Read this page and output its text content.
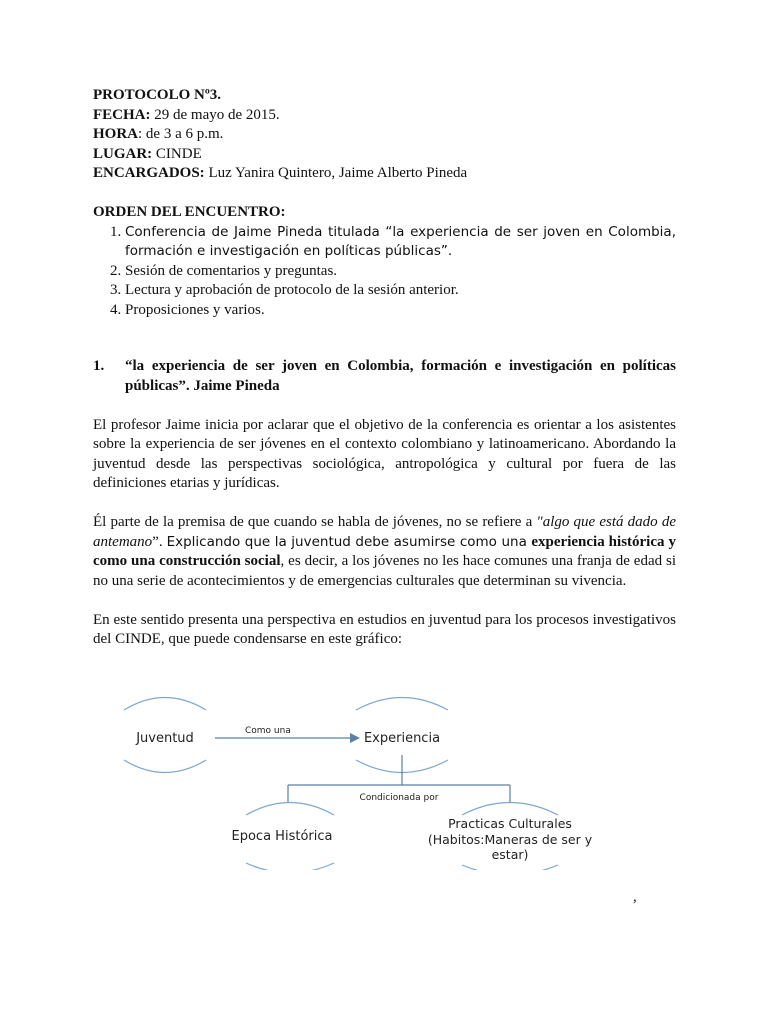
PROTOCOLO Nº3.

FECHA: 29 de mayo de 2015.

HORA: de 3 a 6 p.m.

LUGAR: CINDE

ENCARGADOS: Luz Yanira Quintero, Jaime Alberto Pineda

ORDEN DEL ENCUENTRO:

1. Conferencia de Jaime Pineda titulada “la experiencia de ser joven en Colombia, formación e investigación en políticas públicas”.
2. Sesión de comentarios y preguntas.
3. Lectura y aprobación de protocolo de la sesión anterior.
4. Proposiciones y varios.
1. “la experiencia de ser joven en Colombia, formación e investigación en políticas públicas”. Jaime Pineda

El profesor Jaime inicia por aclarar que el objetivo de la conferencia es orientar a los asistentes sobre la experiencia de ser jóvenes en el contexto colombiano y latinoamericano. Abordando la juventud desde las perspectivas sociológica, antropológica y cultural por fuera de las definiciones etarias y jurídicas.

Él parte de la premisa de que cuando se habla de jóvenes, no se refiere a "algo que está dado de antemano”. Explicando que la juventud debe asumirse como una experiencia histórica y como una construcción social, es decir, a los jóvenes no les hace comunes una franja de edad si no una serie de acontecimientos y de emergencias culturales que determinan su vivencia.

En este sentido presenta una perspectiva en estudios en juventud para los procesos investigativos del CINDE, que puede condensarse en este gráfico:

Juventud	Como una	Experiencia
Condicionada por
Epoca Histórica
Practicas Culturales
(Habitos:Maneras de ser y
estar)
,
